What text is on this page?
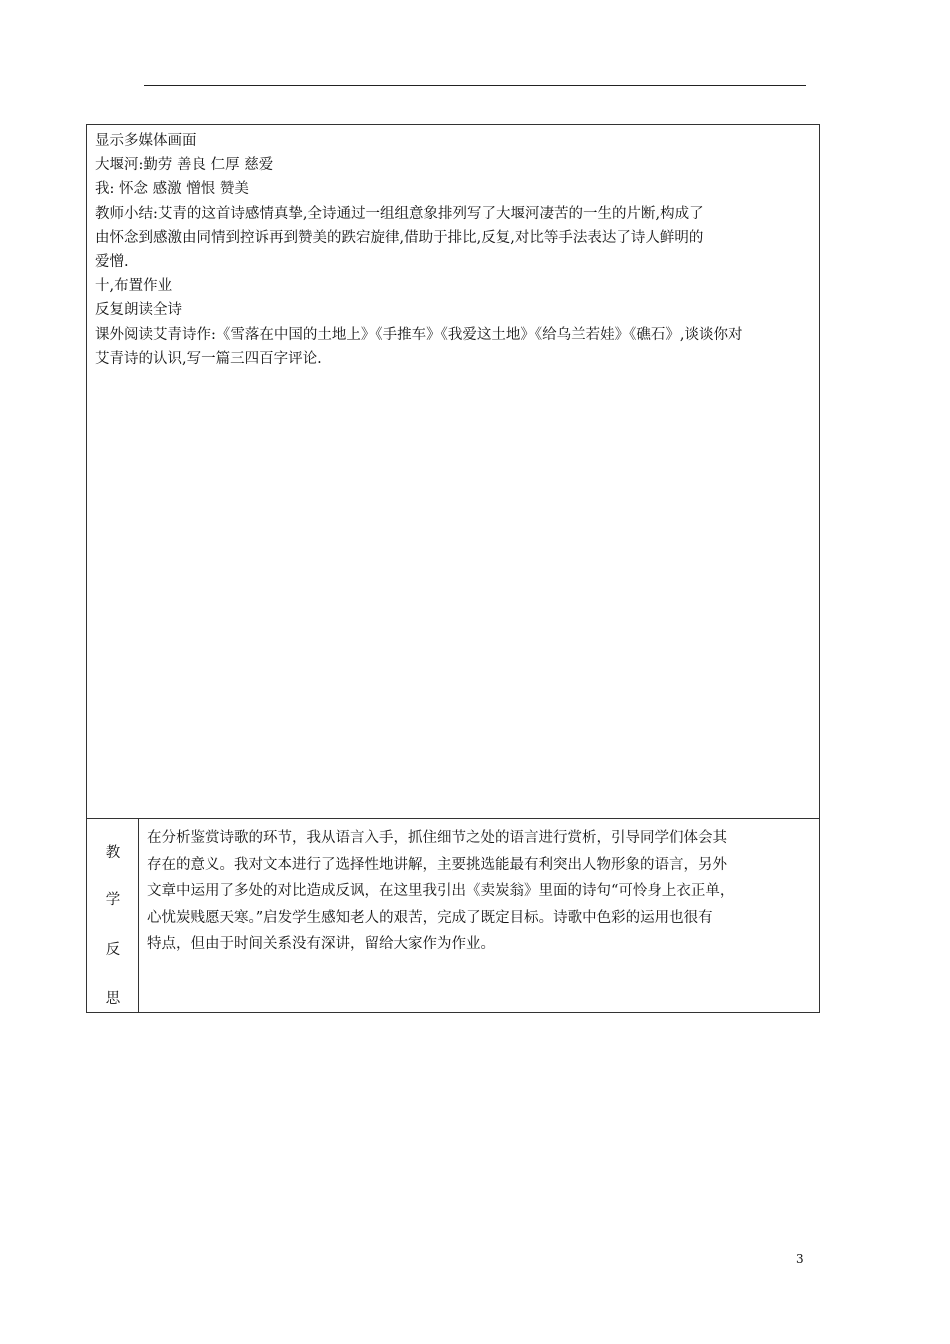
显示多媒体画面

大堰河:勤劳 善良 仁厚 慈爱

我: 怀念 感激 憎恨 赞美

教师小结:艾青的这首诗感情真挚,全诗通过一组组意象排列写了大堰河凄苦的一生的片断,构成了

由怀念到感激由同情到控诉再到赞美的跌宕旋律,借助于排比,反复,对比等手法表达了诗人鲜明的

爱憎.

十,布置作业

反复朗读全诗

课外阅读艾青诗作:《雪落在中国的土地上》《手推车》《我爱这土地》《给乌兰若娃》《礁石》,谈谈你对

艾青诗的认识,写一篇三四百字评论.

教
学
反
思

在分析鉴赏诗歌的环节，我从语言入手，抓住细节之处的语言进行赏析，引导同学们体会其

存在的意义。我对文本进行了选择性地讲解，主要挑选能最有利突出人物形象的语言，另外

文章中运用了多处的对比造成反讽，在这里我引出《卖炭翁》里面的诗句“可怜身上衣正单，

心忧炭贱愿天寒。”启发学生感知老人的艰苦，完成了既定目标。诗歌中色彩的运用也很有

特点，但由于时间关系没有深讲，留给大家作为作业。

3
